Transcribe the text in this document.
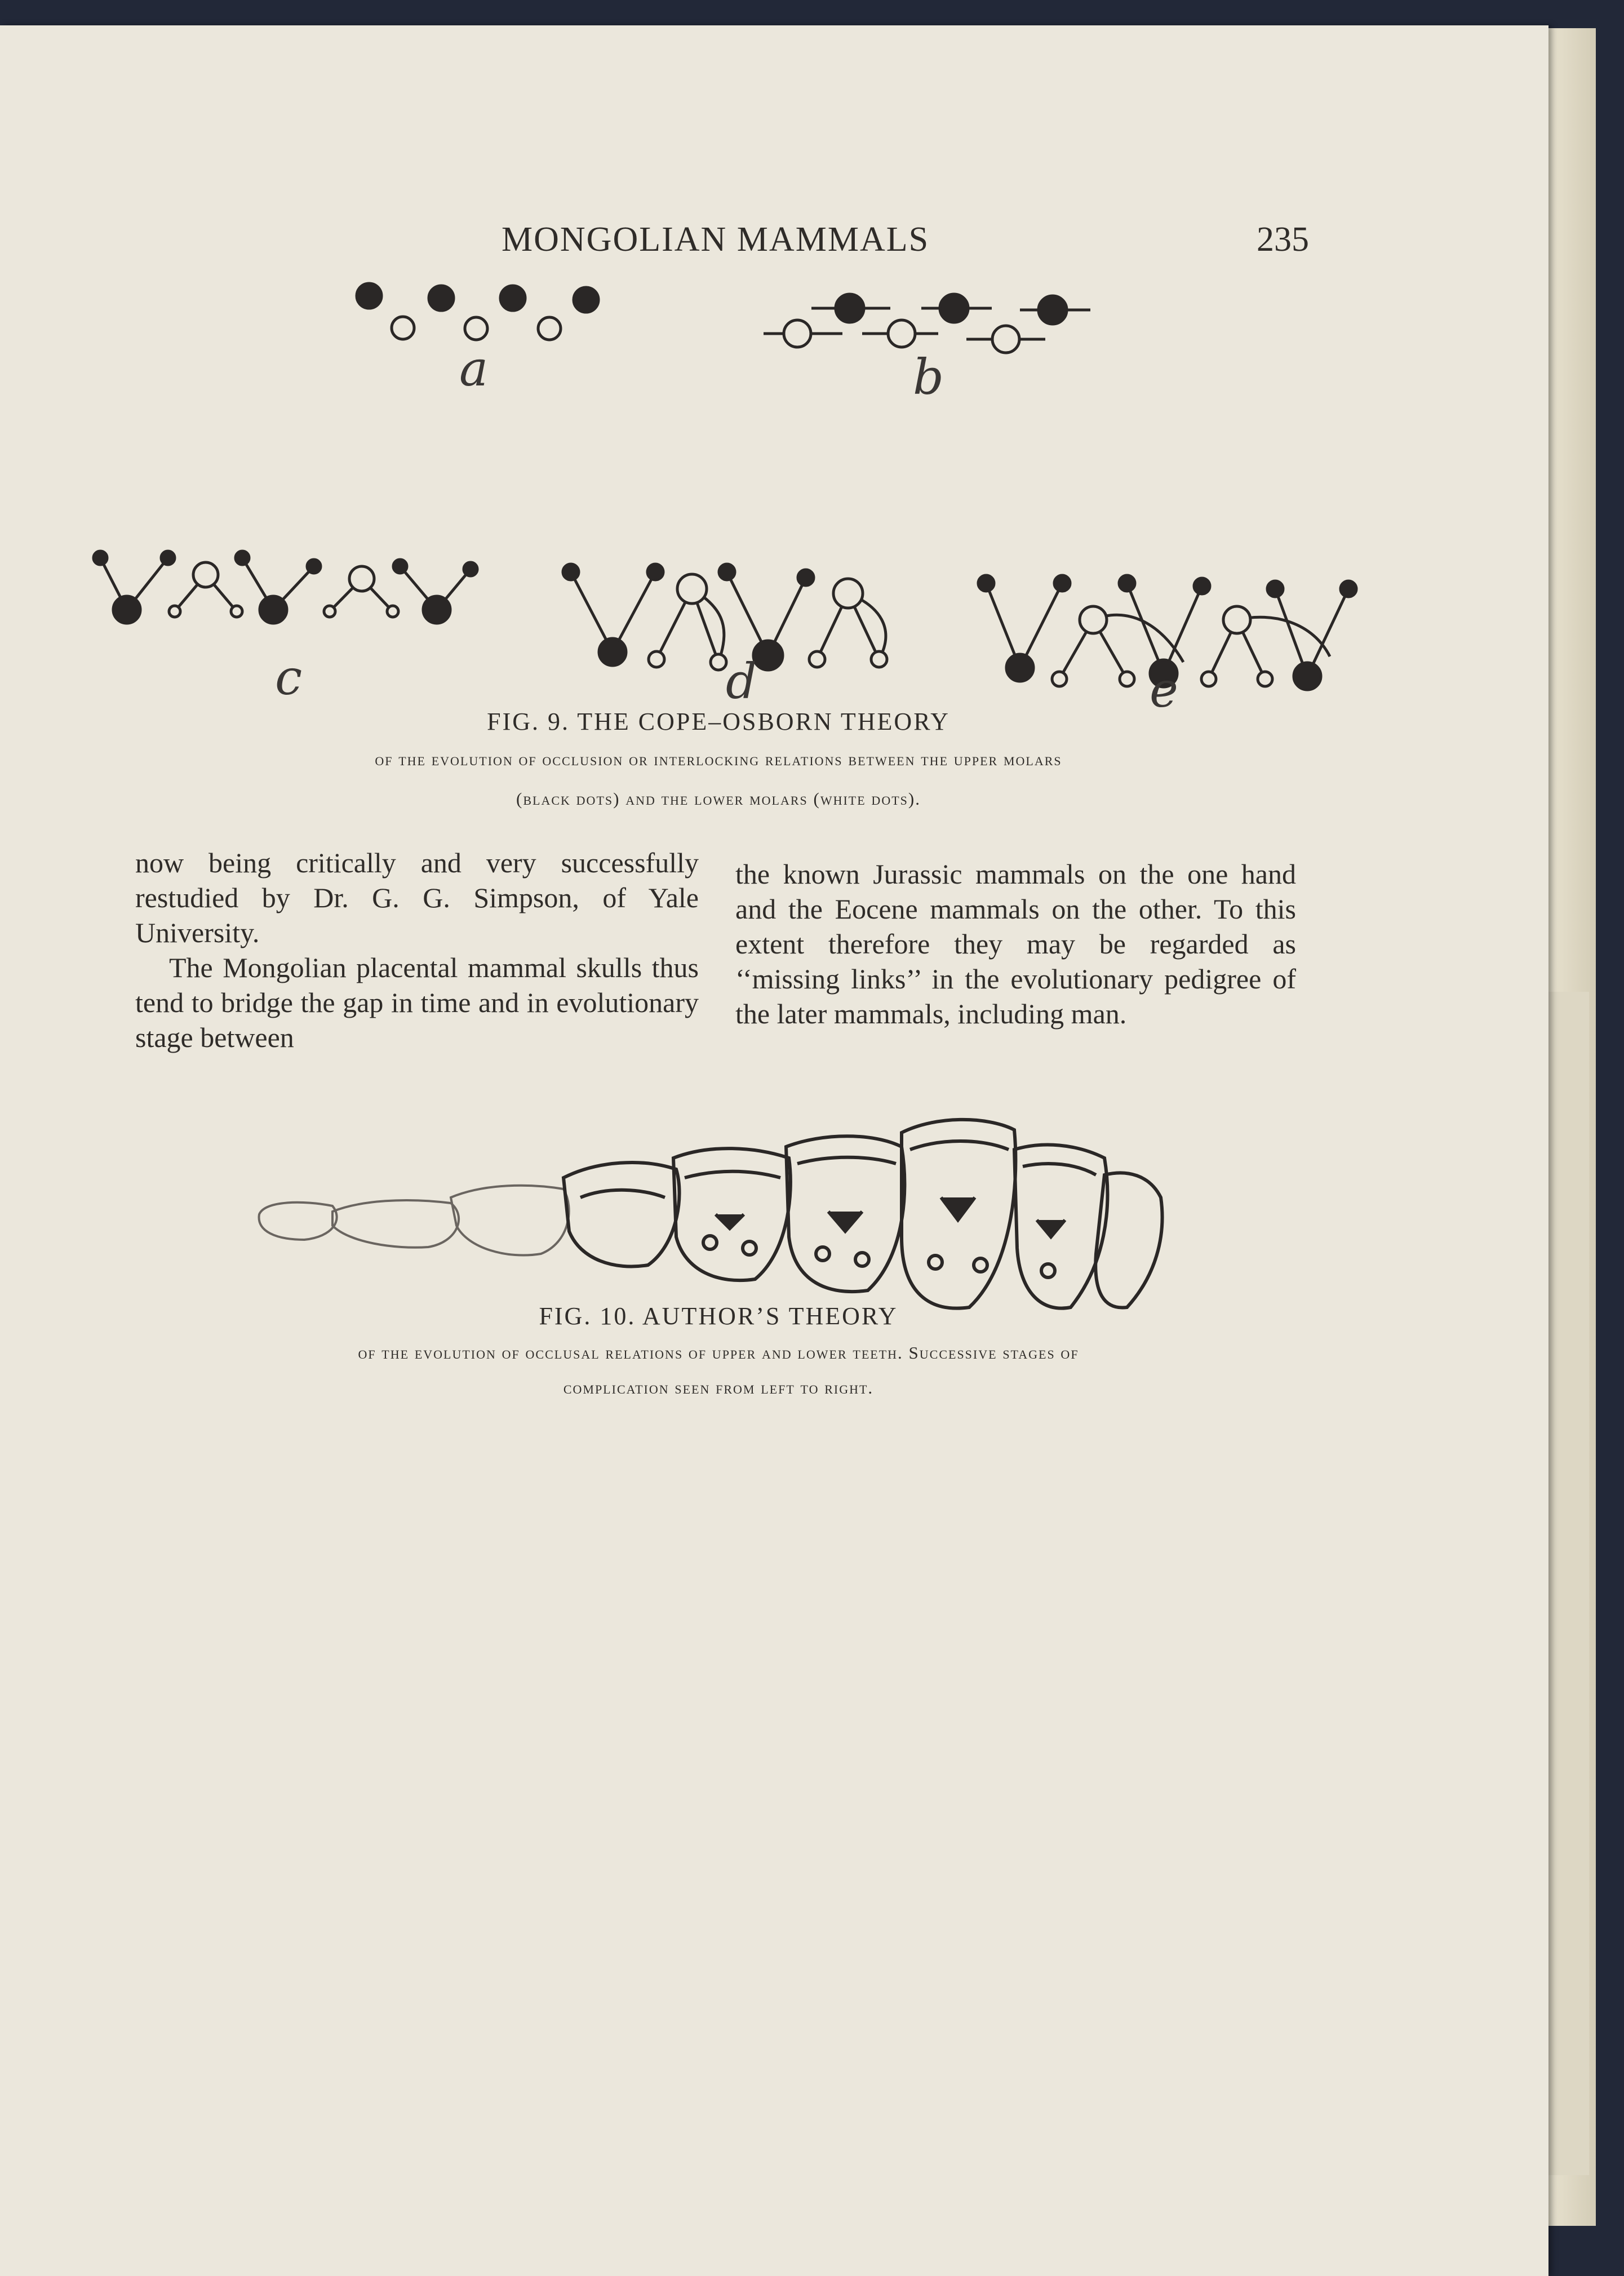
MONGOLIAN MAMMALS	235
a	b
c	d	e
FIG. 9. THE COPE–OSBORN THEORY
of the evolution of occlusion or interlocking relations between the upper molars
(black dots) and the lower molars (white dots).

now being critically and very successfully restudied by Dr. G. G. Simpson, of Yale University.

The Mongolian placental mammal skulls thus tend to bridge the gap in time and in evolutionary stage between

the known Jurassic mammals on the one hand and the Eocene mammals on the other. To this extent therefore they may be regarded as ‘‘missing links’’ in the evolutionary pedigree of the later mammals, including man.

FIG. 10. AUTHOR’S THEORY
of the evolution of occlusal relations of upper and lower teeth. Successive stages of
complication seen from left to right.
